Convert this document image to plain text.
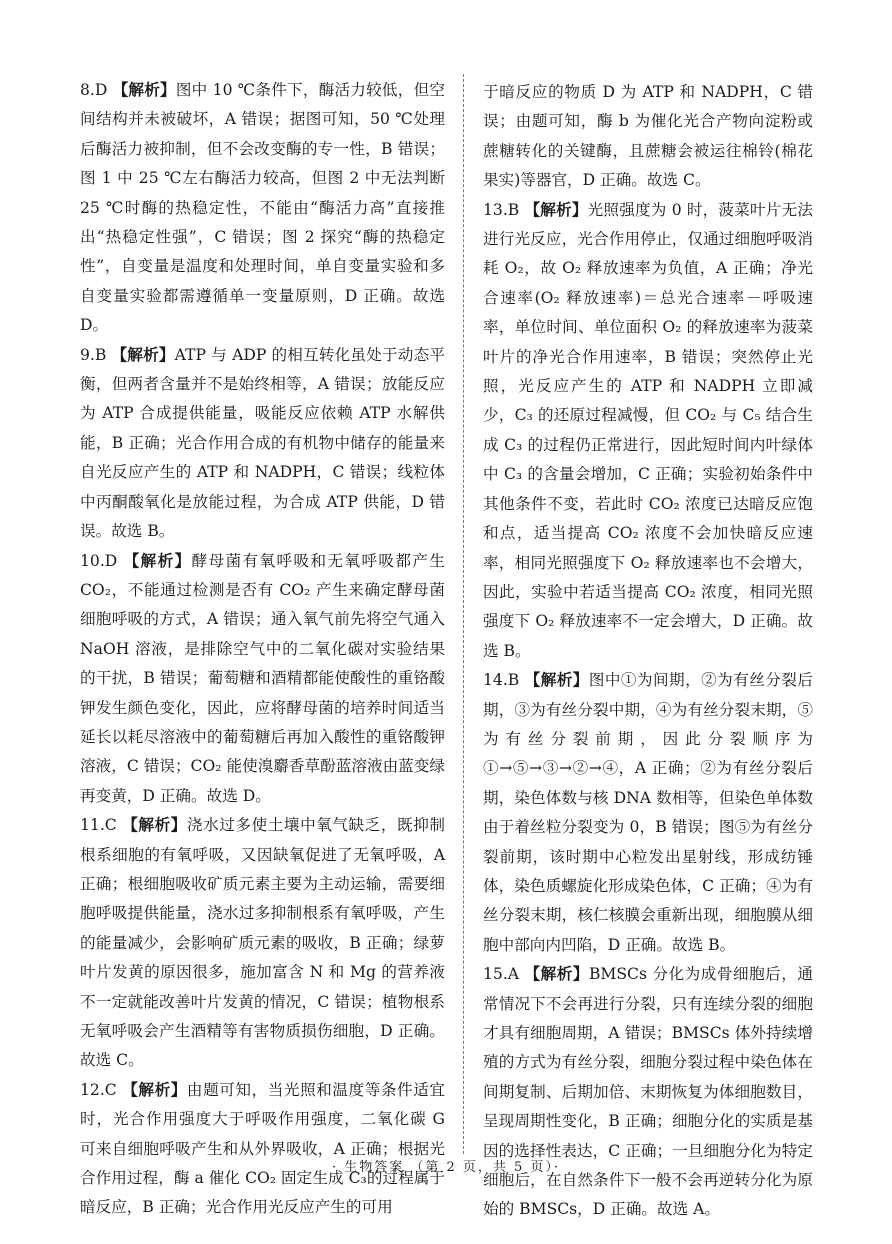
8.D 【解析】图中 10 ℃条件下，酶活力较低，但空间结构并未被破坏，A 错误；据图可知，50 ℃处理后酶活力被抑制，但不会改变酶的专一性，B 错误；图 1 中 25 ℃左右酶活力较高，但图 2 中无法判断25 ℃时酶的热稳定性，不能由“酶活力高”直接推出“热稳定性强”，C 错误；图 2 探究“酶的热稳定性”，自变量是温度和处理时间，单自变量实验和多自变量实验都需遵循单一变量原则，D 正确。故选 D。

9.B 【解析】ATP 与 ADP 的相互转化虽处于动态平衡，但两者含量并不是始终相等，A 错误；放能反应为 ATP 合成提供能量，吸能反应依赖 ATP 水解供能，B 正确；光合作用合成的有机物中储存的能量来自光反应产生的 ATP 和 NADPH，C 错误；线粒体中丙酮酸氧化是放能过程，为合成 ATP 供能，D 错误。故选 B。

10.D 【解析】酵母菌有氧呼吸和无氧呼吸都产生 CO₂，不能通过检测是否有 CO₂ 产生来确定酵母菌细胞呼吸的方式，A 错误；通入氧气前先将空气通入 NaOH 溶液，是排除空气中的二氧化碳对实验结果的干扰，B 错误；葡萄糖和酒精都能使酸性的重铬酸钾发生颜色变化，因此，应将酵母菌的培养时间适当延长以耗尽溶液中的葡萄糖后再加入酸性的重铬酸钾溶液，C 错误；CO₂ 能使溴麝香草酚蓝溶液由蓝变绿再变黄，D 正确。故选 D。

11.C 【解析】浇水过多使土壤中氧气缺乏，既抑制根系细胞的有氧呼吸，又因缺氧促进了无氧呼吸，A 正确；根细胞吸收矿质元素主要为主动运输，需要细胞呼吸提供能量，浇水过多抑制根系有氧呼吸，产生的能量减少，会影响矿质元素的吸收，B 正确；绿萝叶片发黄的原因很多，施加富含 N 和 Mg 的营养液不一定就能改善叶片发黄的情况，C 错误；植物根系无氧呼吸会产生酒精等有害物质损伤细胞，D 正确。故选 C。

12.C 【解析】由题可知，当光照和温度等条件适宜时，光合作用强度大于呼吸作用强度，二氧化碳 G 可来自细胞呼吸产生和从外界吸收，A 正确；根据光合作用过程，酶 a 催化 CO₂ 固定生成 C₃的过程属于暗反应，B 正确；光合作用光反应产生的可用

于暗反应的物质 D 为 ATP 和 NADPH，C 错误；由题可知，酶 b 为催化光合产物向淀粉或蔗糖转化的关键酶，且蔗糖会被运往棉铃(棉花果实)等器官，D 正确。故选 C。

13.B 【解析】光照强度为 0 时，菠菜叶片无法进行光反应，光合作用停止，仅通过细胞呼吸消耗 O₂，故 O₂ 释放速率为负值，A 正确；净光合速率(O₂ 释放速率)＝总光合速率－呼吸速率，单位时间、单位面积 O₂ 的释放速率为菠菜叶片的净光合作用速率，B 错误；突然停止光照，光反应产生的 ATP 和 NADPH 立即减少，C₃ 的还原过程减慢，但 CO₂ 与 C₅ 结合生成 C₃ 的过程仍正常进行，因此短时间内叶绿体中 C₃ 的含量会增加，C 正确；实验初始条件中其他条件不变，若此时 CO₂ 浓度已达暗反应饱和点，适当提高 CO₂ 浓度不会加快暗反应速率，相同光照强度下 O₂ 释放速率也不会增大，因此，实验中若适当提高 CO₂ 浓度，相同光照强度下 O₂ 释放速率不一定会增大，D 正确。故选 B。

14.B 【解析】图中①为间期，②为有丝分裂后期，③为有丝分裂中期，④为有丝分裂末期，⑤为有丝分裂前期，因此分裂顺序为①→⑤→③→②→④，A 正确；②为有丝分裂后期，染色体数与核 DNA 数相等，但染色单体数由于着丝粒分裂变为 0，B 错误；图⑤为有丝分裂前期，该时期中心粒发出星射线，形成纺锤体，染色质螺旋化形成染色体，C 正确；④为有丝分裂末期，核仁核膜会重新出现，细胞膜从细胞中部向内凹陷，D 正确。故选 B。

15.A 【解析】BMSCs 分化为成骨细胞后，通常情况下不会再进行分裂，只有连续分裂的细胞才具有细胞周期，A 错误；BMSCs 体外持续增殖的方式为有丝分裂，细胞分裂过程中染色体在间期复制、后期加倍、末期恢复为体细胞数目，呈现周期性变化，B 正确；细胞分化的实质是基因的选择性表达，C 正确；一旦细胞分化为特定细胞后，在自然条件下一般不会再逆转分化为原始的 BMSCs，D 正确。故选 A。

· 生物答案 （第 2 页，共 5 页）·
